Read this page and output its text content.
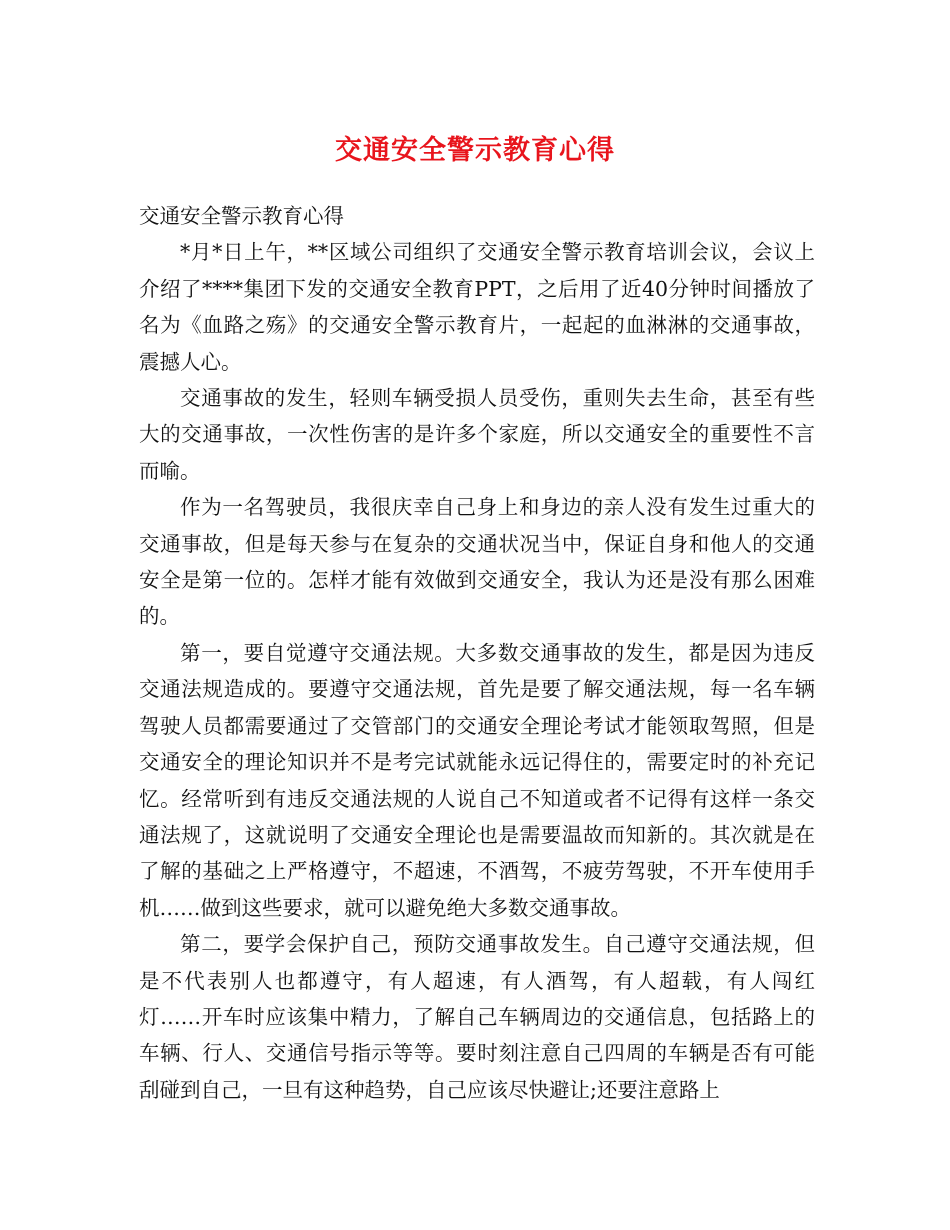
交通安全警示教育心得

交通安全警示教育心得

*月*日上午，**区域公司组织了交通安全警示教育培训会议，会议上介绍了****集团下发的交通安全教育PPT，之后用了近40分钟时间播放了名为《血路之殇》的交通安全警示教育片，一起起的血淋淋的交通事故，震撼人心。

交通事故的发生，轻则车辆受损人员受伤，重则失去生命，甚至有些大的交通事故，一次性伤害的是许多个家庭，所以交通安全的重要性不言而喻。

作为一名驾驶员，我很庆幸自己身上和身边的亲人没有发生过重大的交通事故，但是每天参与在复杂的交通状况当中，保证自身和他人的交通安全是第一位的。怎样才能有效做到交通安全，我认为还是没有那么困难的。

第一，要自觉遵守交通法规。大多数交通事故的发生，都是因为违反交通法规造成的。要遵守交通法规，首先是要了解交通法规，每一名车辆驾驶人员都需要通过了交管部门的交通安全理论考试才能领取驾照，但是交通安全的理论知识并不是考完试就能永远记得住的，需要定时的补充记忆。经常听到有违反交通法规的人说自己不知道或者不记得有这样一条交通法规了，这就说明了交通安全理论也是需要温故而知新的。其次就是在了解的基础之上严格遵守，不超速，不酒驾，不疲劳驾驶，不开车使用手机……做到这些要求，就可以避免绝大多数交通事故。

第二，要学会保护自己，预防交通事故发生。自己遵守交通法规，但是不代表别人也都遵守，有人超速，有人酒驾，有人超载，有人闯红灯……开车时应该集中精力，了解自己车辆周边的交通信息，包括路上的车辆、行人、交通信号指示等等。要时刻注意自己四周的车辆是否有可能刮碰到自己，一旦有这种趋势，自己应该尽快避让;还要注意路上
